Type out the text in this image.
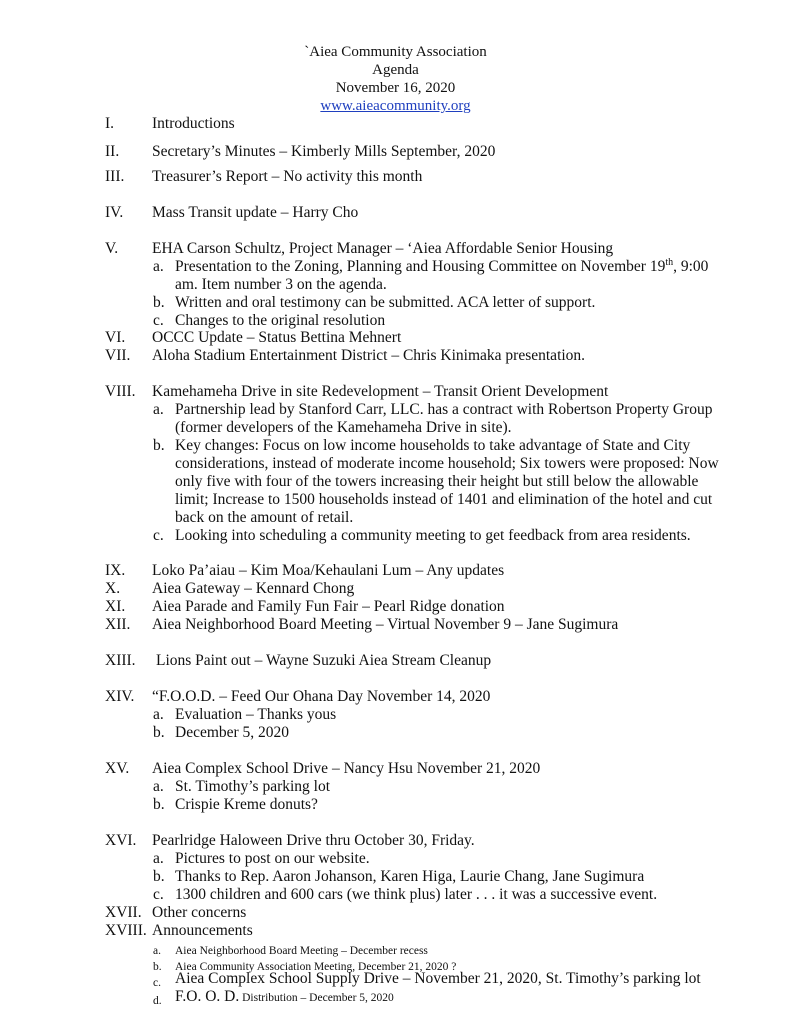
`Aiea Community Association
Agenda
November 16, 2020
www.aieacommunity.org
I. Introductions
II. Secretary’s Minutes – Kimberly Mills September, 2020
III. Treasurer’s Report – No activity this month
IV. Mass Transit update – Harry Cho
V. EHA Carson Schultz, Project Manager – ‘Aiea Affordable Senior Housing
a. Presentation to the Zoning, Planning and Housing Committee on November 19th, 9:00
am. Item number 3 on the agenda.
b. Written and oral testimony can be submitted. ACA letter of support.
c. Changes to the original resolution
VI. OCCC Update – Status Bettina Mehnert
VII. Aloha Stadium Entertainment District – Chris Kinimaka presentation.
VIII. Kamehameha Drive in site Redevelopment – Transit Orient Development
a. Partnership lead by Stanford Carr, LLC. has a contract with Robertson Property Group
(former developers of the Kamehameha Drive in site).
b. Key changes: Focus on low income households to take advantage of State and City
considerations, instead of moderate income household; Six towers were proposed: Now
only five with four of the towers increasing their height but still below the allowable
limit; Increase to 1500 households instead of 1401 and elimination of the hotel and cut
back on the amount of retail.
c. Looking into scheduling a community meeting to get feedback from area residents.
IX. Loko Pa’aiau – Kim Moa/Kehaulani Lum – Any updates
X. Aiea Gateway – Kennard Chong
XI. Aiea Parade and Family Fun Fair – Pearl Ridge donation
XII. Aiea Neighborhood Board Meeting – Virtual November 9 – Jane Sugimura
XIII. Lions Paint out – Wayne Suzuki Aiea Stream Cleanup
XIV. “F.O.O.D. – Feed Our Ohana Day November 14, 2020
a. Evaluation – Thanks yous
b. December 5, 2020
XV. Aiea Complex School Drive – Nancy Hsu November 21, 2020
a. St. Timothy’s parking lot
b. Crispie Kreme donuts?
XVI. Pearlridge Haloween Drive thru October 30, Friday.
a. Pictures to post on our website.
b. Thanks to Rep. Aaron Johanson, Karen Higa, Laurie Chang, Jane Sugimura
c. 1300 children and 600 cars (we think plus) later . . . it was a successive event.
XVII. Other concerns
XVIII. Announcements
a. Aiea Neighborhood Board Meeting – December recess
b. Aiea Community Association Meeting, December 21, 2020 ?
c. Aiea Complex School Supply Drive – November 21, 2020, St. Timothy’s parking lot
d. F.O. O. D. Distribution – December 5, 2020
